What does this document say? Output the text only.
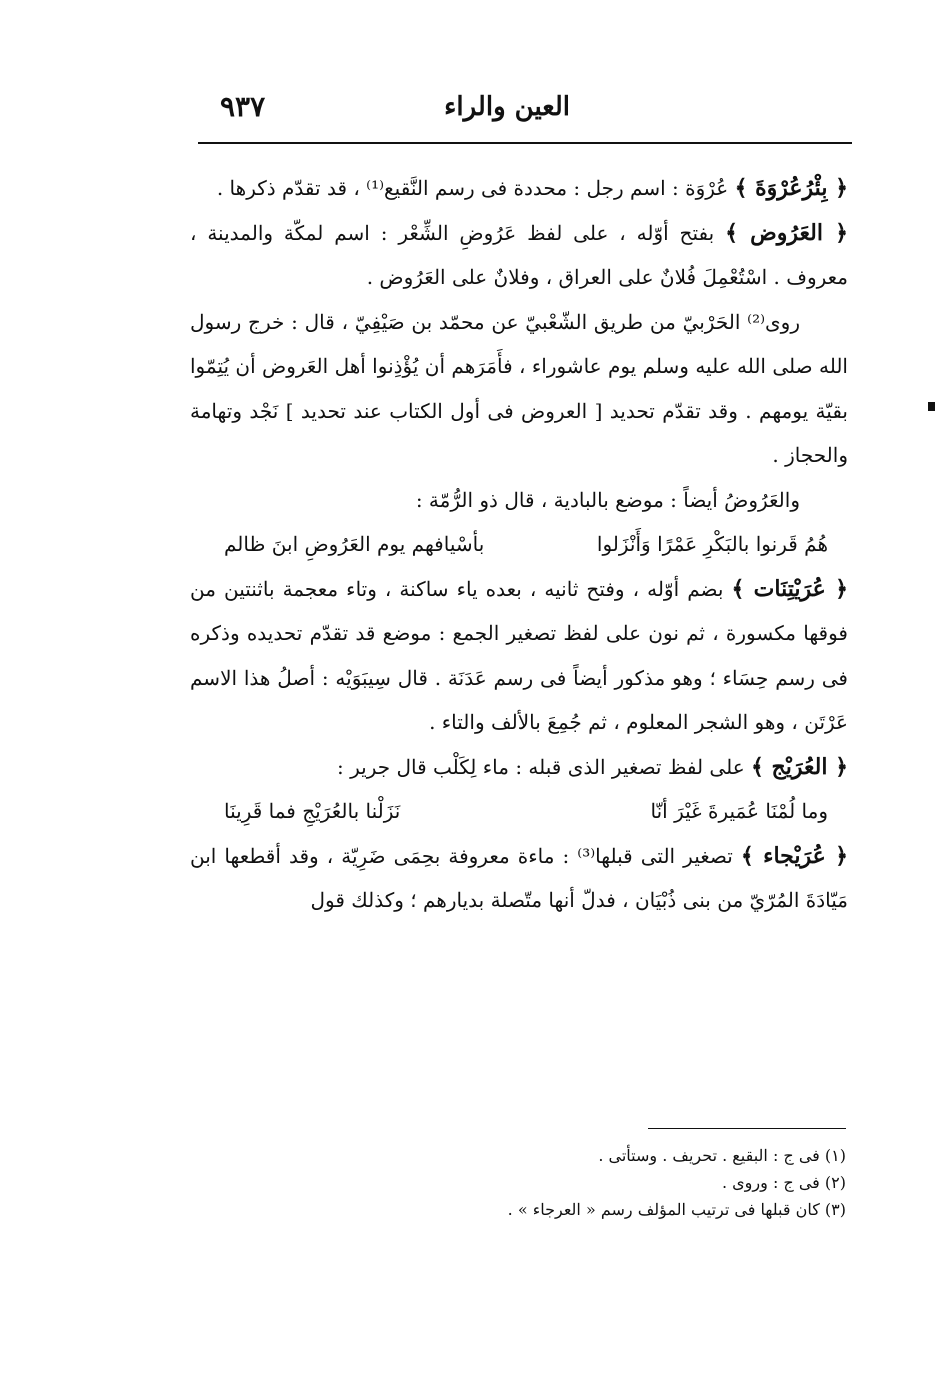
العين والراء
٩٣٧

﴿ بِئْرُعُرْوَةَ ﴾ عُرْوَة : اسم رجل : محددة فى رسم النَّقيع⁽¹⁾ ، قد تقدّم ذكرها .

﴿ العَرُوض ﴾ بفتح أوّله ، على لفظ عَرُوضِ الشِّعْر : اسم لمكّة والمدينة ، معروف . اسْتُعْمِلَ فُلانٌ على العراق ، وفلانٌ على العَرُوض .

روى⁽²⁾ الحَرْبيّ من طريق الشّعْبيّ عن محمّد بن صَيْفِيّ ، قال : خرج رسول الله صلى الله عليه وسلم يوم عاشوراء ، فأَمَرَهم أن يُؤْذِنوا أهل العَروض أن يُتِمّوا بقيّة يومهم . وقد تقدّم تحديد [ العروض فى أول الكتاب عند تحديد ] نَجْد وتهامة والحجاز .

والعَرُوضُ أيضاً : موضع بالبادية ، قال ذو الرُّمّة :

هُمُ قَرنوا بالبَكْرِ عَمْرًا وَأَنْزَلوا
بأسْيافهم يوم العَرُوضِ ابنَ ظالم

﴿ عُرَيْتِنَات ﴾ بضم أوّله ، وفتح ثانيه ، بعده ياء ساكنة ، وتاء معجمة باثنتين من فوقها مكسورة ، ثم نون على لفظ تصغير الجمع : موضع قد تقدّم تحديده وذكره فى رسم حِسَاء ؛ وهو مذكور أيضاً فى رسم عَدَنَة . قال سِيبَوَيْه : أصلُ هذا الاسم عَرْتَن ، وهو الشجر المعلوم ، ثم جُمِعَ بالألف والتاء .

﴿ العُرَيْج ﴾ على لفظ تصغير الذى قبله : ماء لِكَلْب قال جرير :

وما لُمْنَا عُمَيرةَ غَيْرَ أنّا
نَزَلْنا بالعُرَيْجِ فما قَرِينَا

﴿ عُرَيْجاء ﴾ تصغير التى قبلها⁽³⁾ : ماءة معروفة بحِمَى ضَرِيّة ، وقد أقطعها ابن مَيّادَةَ المُرّيّ من بنى ذُبْيَان ، فدلّ أنها متّصلة بديارهم ؛ وكذلك قول

(١) فى ج : البقيع . تحريف . وستأتى .

(٢) فى ج : وروى .

(٣) كان قبلها فى ترتيب المؤلف رسم « العرجاء » .
